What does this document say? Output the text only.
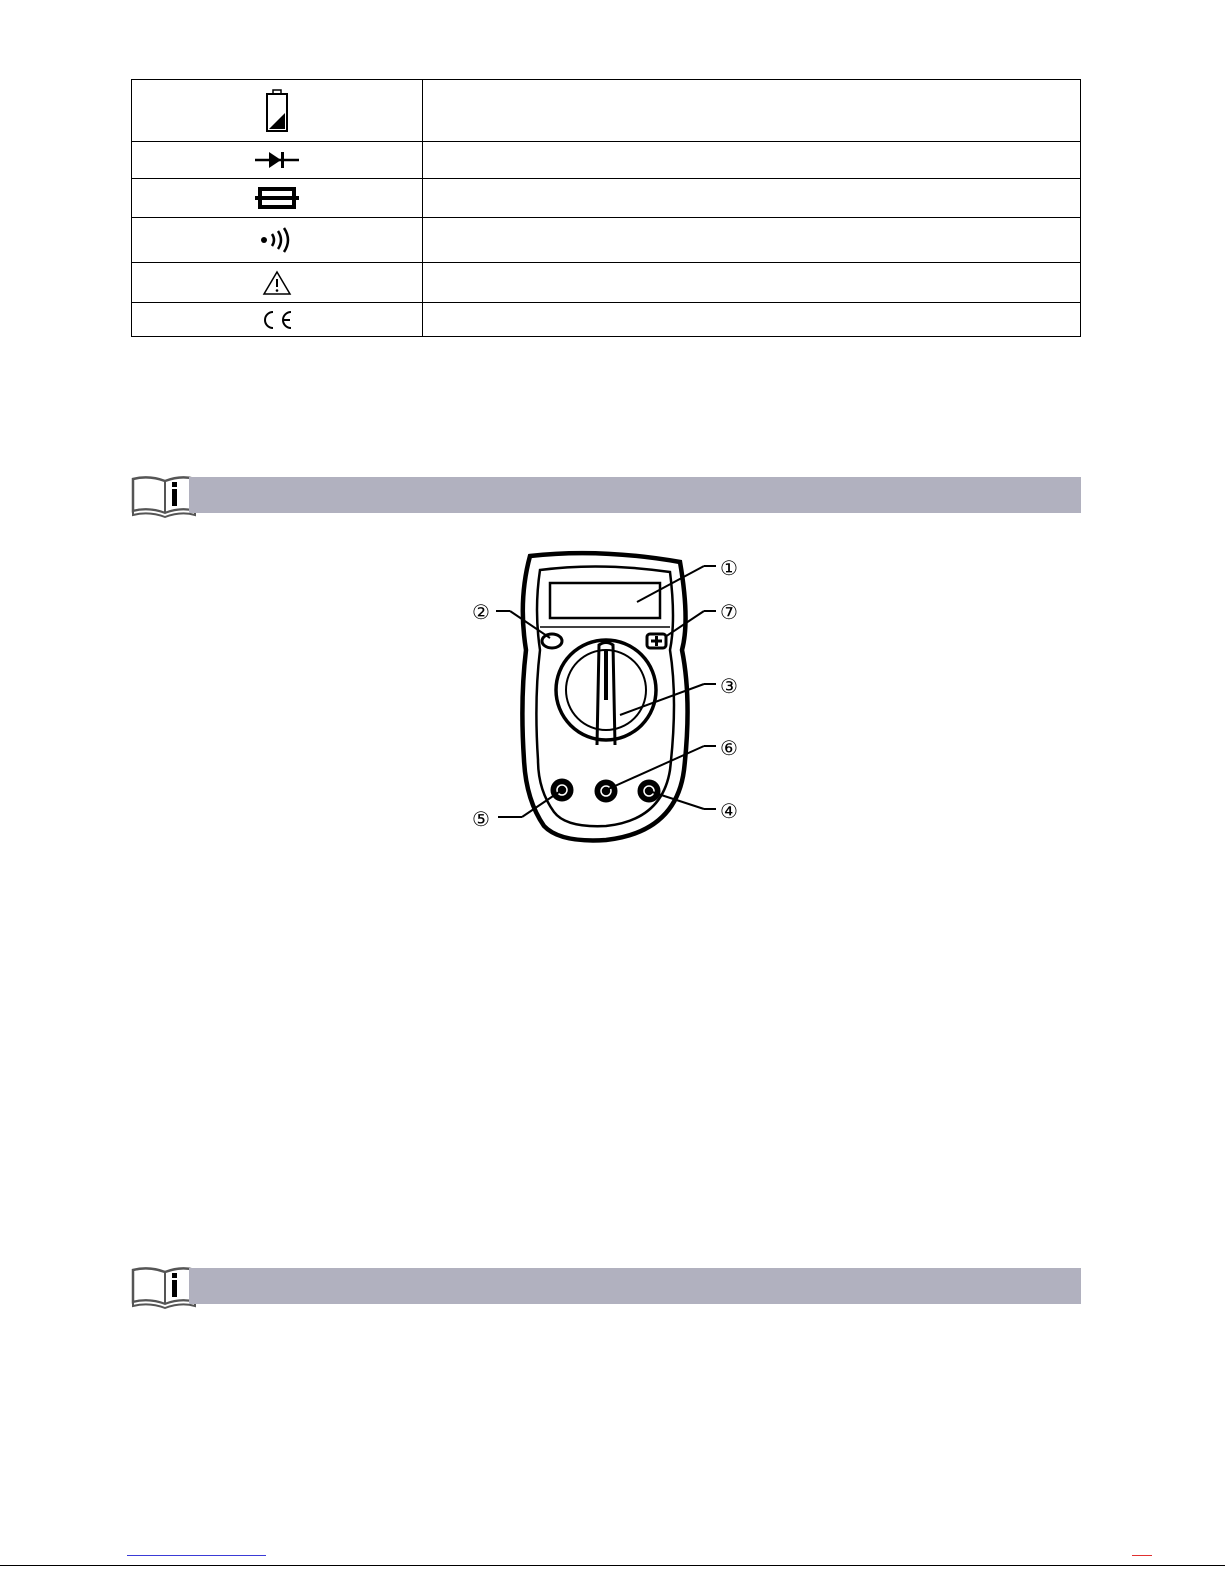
①
②
③
④
⑤
⑥
⑦
